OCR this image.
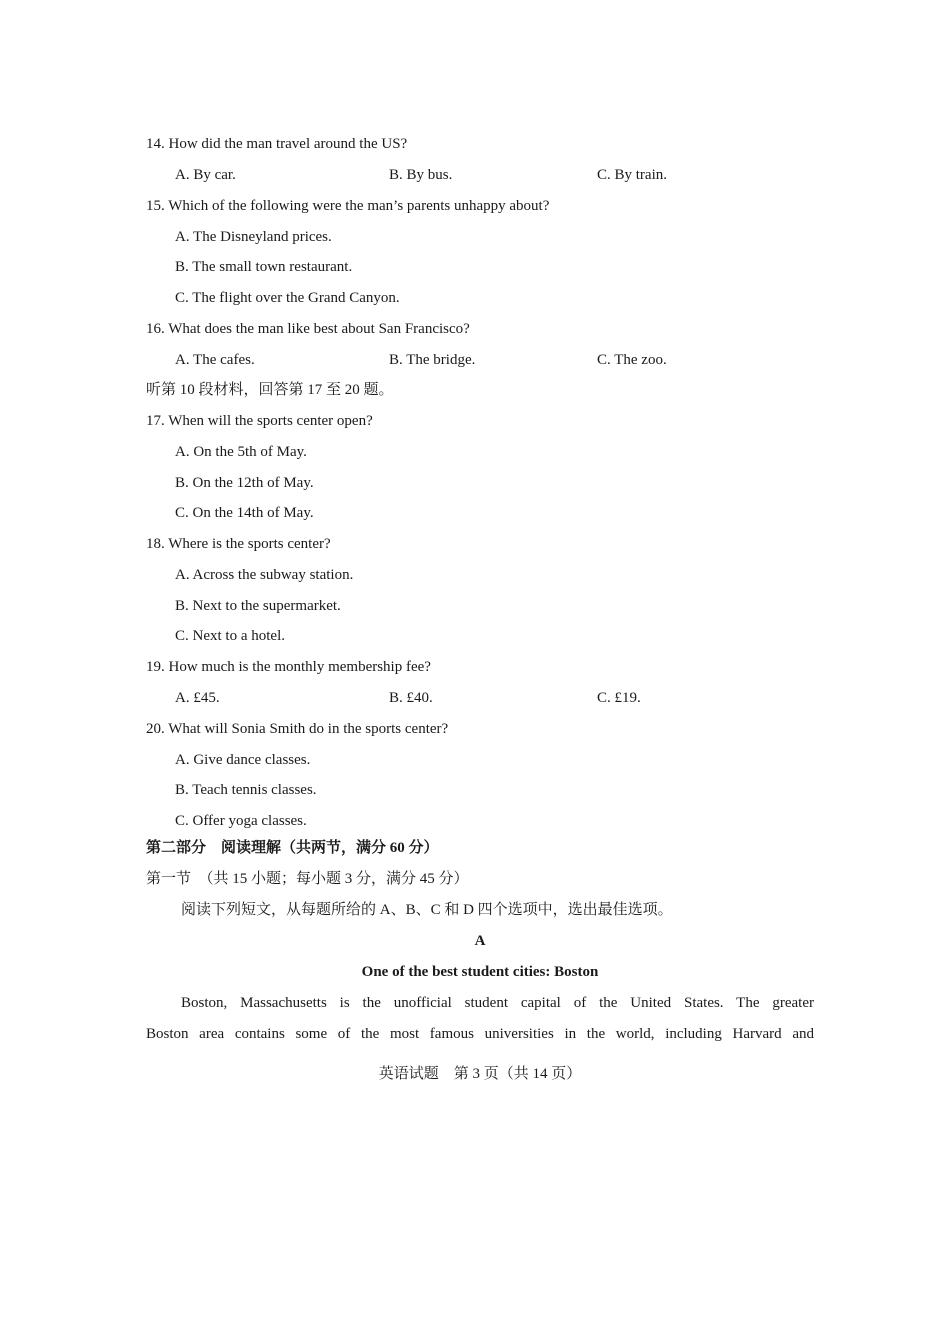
14. How did the man travel around the US?
A. By car.	B. By bus.	C. By train.
15. Which of the following were the man’s parents unhappy about?
A. The Disneyland prices.
B. The small town restaurant.
C. The flight over the Grand Canyon.
16. What does the man like best about San Francisco?
A. The cafes.	B. The bridge.	C. The zoo.
听第 10 段材料，回答第 17 至 20 题。
17. When will the sports center open?
A. On the 5th of May.
B. On the 12th of May.
C. On the 14th of May.
18. Where is the sports center?
A. Across the subway station.
B. Next to the supermarket.
C. Next to a hotel.
19. How much is the monthly membership fee?
A. £45.	B. £40.	C. £19.
20. What will Sonia Smith do in the sports center?
A. Give dance classes.
B. Teach tennis classes.
C. Offer yoga classes.
第二部分　阅读理解（共两节，满分 60 分）
第一节　（共 15 小题；每小题 3 分，满分 45 分）
阅读下列短文，从每题所给的 A、B、C 和 D 四个选项中，选出最佳选项。
A
One of the best student cities: Boston
Boston, Massachusetts is the unofficial student capital of the United States. The greater
Boston area contains some of the most famous universities in the world, including Harvard and
英语试题　第 3 页（共 14 页）
